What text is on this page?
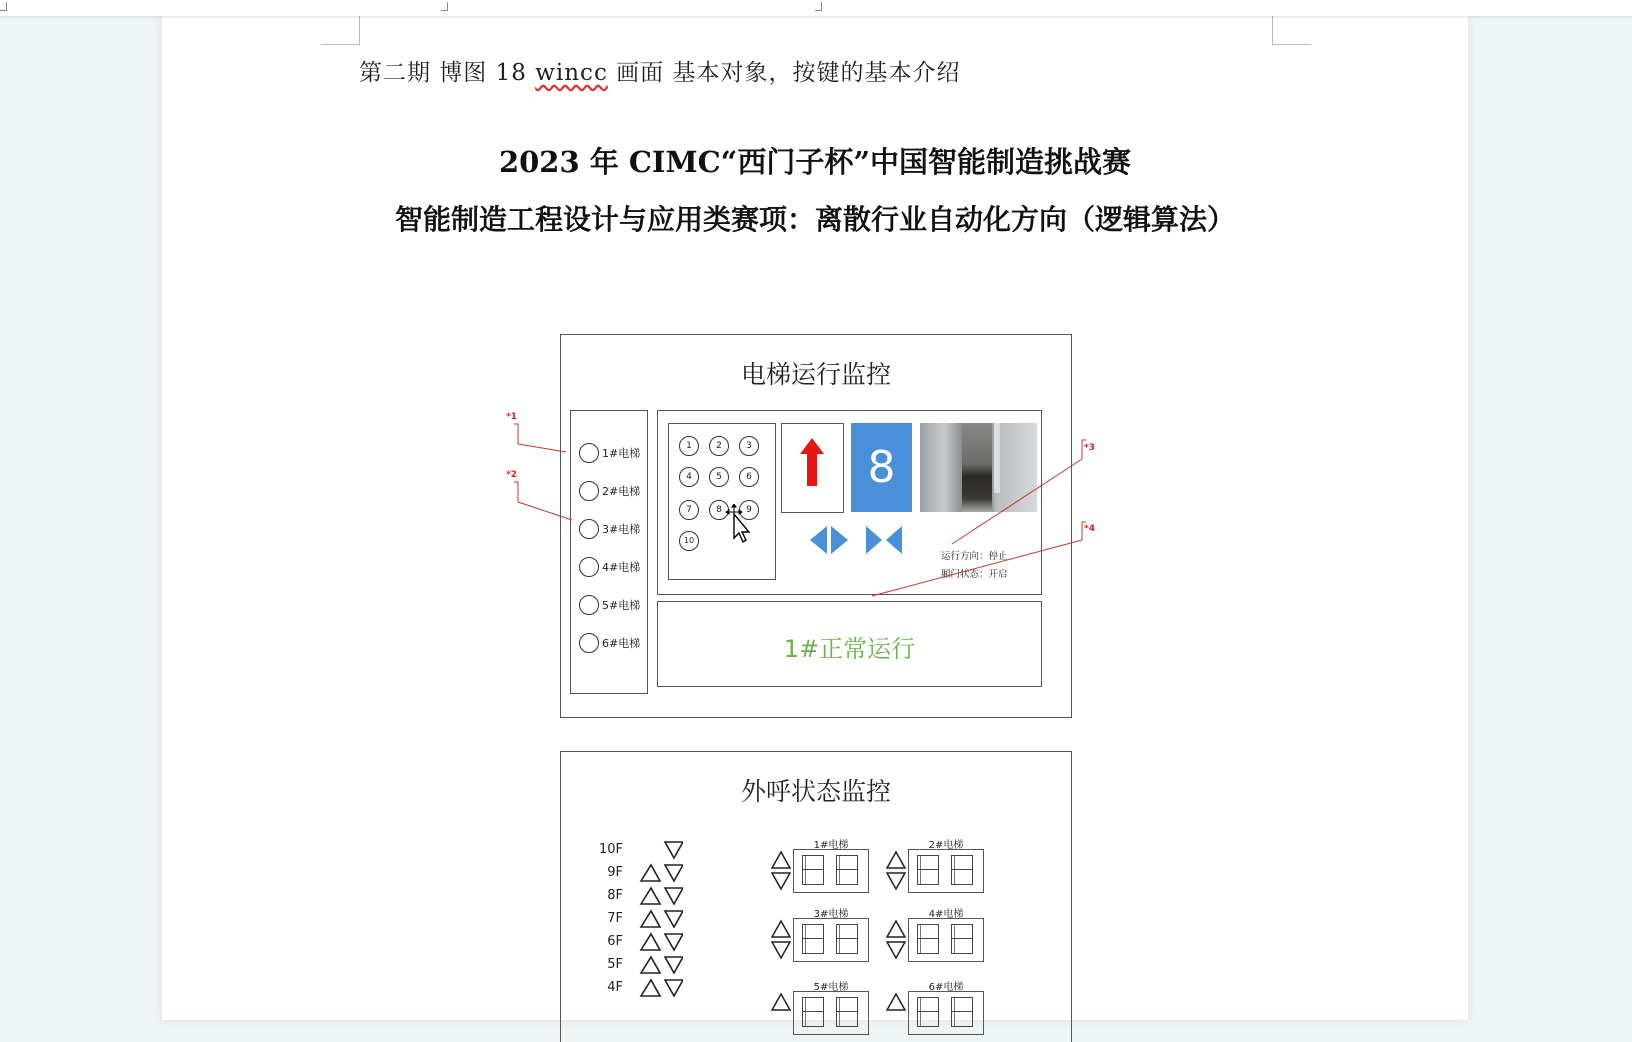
第二期 博图 18 wincc 画面 基本对象，按键的基本介绍
2023 年 CIMC“西门子杯”中国智能制造挑战赛
智能制造工程设计与应用类赛项：离散行业自动化方向（逻辑算法）
电梯运行监控
1#电梯
2#电梯
3#电梯
4#电梯
5#电梯
6#电梯
1	2	3
4	5	6
7	8	9
10
8
运行方向：停止
厢门状态：开启
1#正常运行
*1
*2
*3
*4
外呼状态监控
10F
9F
8F
7F
6F
5F
4F
1#电梯	2#电梯
3#电梯	4#电梯
5#电梯	6#电梯
